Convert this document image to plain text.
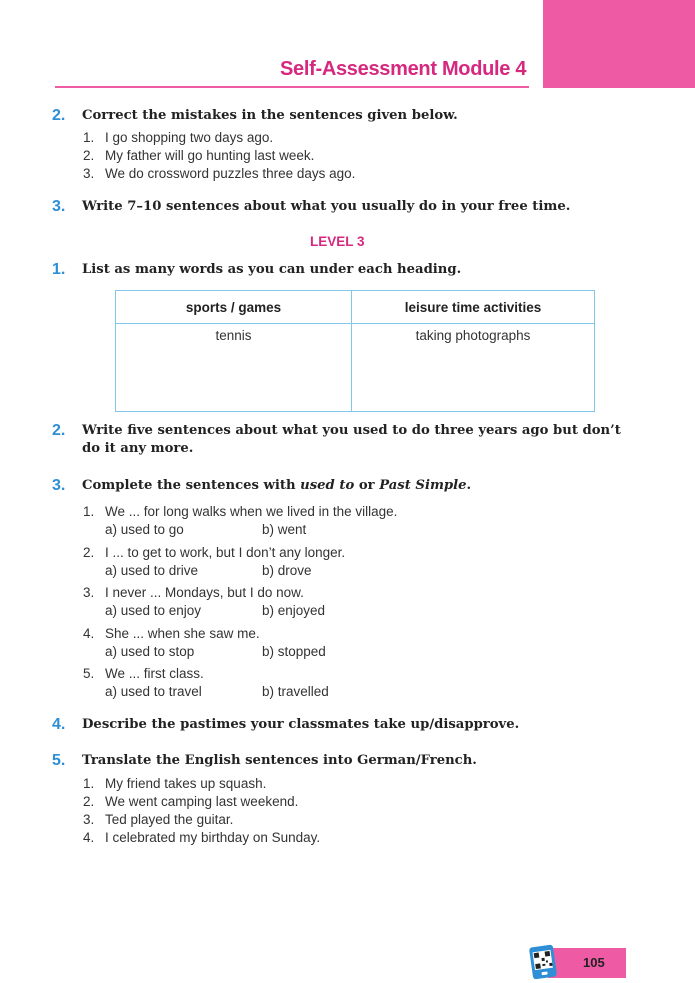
Self-Assessment Module 4
2. Correct the mistakes in the sentences given below.
1. I go shopping two days ago.
2. My father will go hunting last week.
3. We do crossword puzzles three days ago.
3. Write 7–10 sentences about what you usually do in your free time.
LEVEL 3
1. List as many words as you can under each heading.
sports / games	leisure time activities
tennis	taking photographs
2. Write five sentences about what you used to do three years ago but don’t
do it any more.
3. Complete the sentences with used to or Past Simple.
1. We ... for long walks when we lived in the village.
a) used to go	b) went
2. I ... to get to work, but I don’t any longer.
a) used to drive	b) drove
3. I never ... Mondays, but I do now.
a) used to enjoy	b) enjoyed
4. She ... when she saw me.
a) used to stop	b) stopped
5. We ... first class.
a) used to travel	b) travelled
4. Describe the pastimes your classmates take up/disapprove.
5. Translate the English sentences into German/French.
1. My friend takes up squash.
2. We went camping last weekend.
3. Ted played the guitar.
4. I celebrated my birthday on Sunday.
105
